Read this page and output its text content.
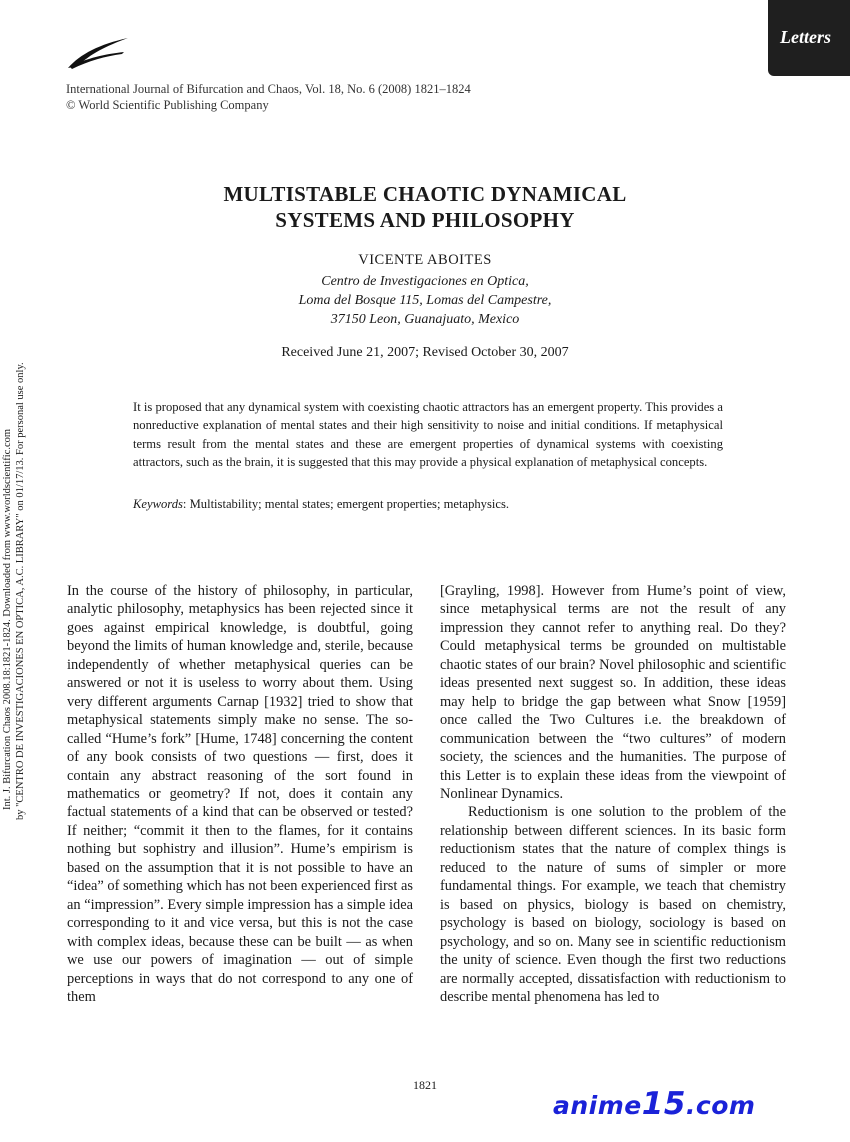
Letters
International Journal of Bifurcation and Chaos, Vol. 18, No. 6 (2008) 1821–1824
© World Scientific Publishing Company
MULTISTABLE CHAOTIC DYNAMICAL
SYSTEMS AND PHILOSOPHY
VICENTE ABOITES
Centro de Investigaciones en Optica,
Loma del Bosque 115, Lomas del Campestre,
37150 Leon, Guanajuato, Mexico
Received June 21, 2007; Revised October 30, 2007
It is proposed that any dynamical system with coexisting chaotic attractors has an emergent property. This provides a nonreductive explanation of mental states and their high sensitivity to noise and initial conditions. If metaphysical terms result from the mental states and these are emergent properties of dynamical systems with coexisting attractors, such as the brain, it is suggested that this may provide a physical explanation of metaphysical concepts.
Keywords: Multistability; mental states; emergent properties; metaphysics.
Int. J. Bifurcation Chaos 2008.18:1821-1824. Downloaded from www.worldscientific.com by "CENTRO DE INVESTIGACIONES EN OPTICA, A.C. LIBRARY" on 01/17/13. For personal use only.	In the course of the history of philosophy, in particular, analytic philosophy, metaphysics has been rejected since it goes against empirical knowledge, is doubtful, going beyond the limits of human knowledge and, sterile, because independently of whether metaphysical queries can be answered or not it is useless to worry about them. Using very different arguments Carnap [1932] tried to show that metaphysical statements simply make no sense. The so-called “Hume’s fork” [Hume, 1748] concerning the content of any book consists of two questions — first, does it contain any abstract reasoning of the sort found in mathematics or geometry? If not, does it contain any factual statements of a kind that can be observed or tested? If neither; “commit it then to the flames, for it contains nothing but sophistry and illusion”. Hume’s empirism is based on the assumption that it is not possible to have an “idea” of something which has not been experienced first as an “impression”. Every simple impression has a simple idea corresponding to it and vice versa, but this is not the case with complex ideas, because these can be built — as when we use our powers of imagination — out of simple perceptions in ways that do not correspond to any one of them

[Grayling, 1998]. However from Hume’s point of view, since metaphysical terms are not the result of any impression they cannot refer to anything real. Do they? Could metaphysical terms be grounded on multistable chaotic states of our brain? Novel philosophic and scientific ideas presented next suggest so. In addition, these ideas may help to bridge the gap between what Snow [1959] once called the Two Cultures i.e. the breakdown of communication between the “two cultures” of modern society, the sciences and the humanities. The purpose of this Letter is to explain these ideas from the viewpoint of Nonlinear Dynamics.

Reductionism is one solution to the problem of the relationship between different sciences. In its basic form reductionism states that the nature of complex things is reduced to the nature of sums of simpler or more fundamental things. For example, we teach that chemistry is based on physics, biology is based on chemistry, psychology is based on biology, sociology is based on psychology, and so on. Many see in scientific reductionism the unity of science. Even though the first two reductions are normally accepted, dissatisfaction with reductionism to describe mental phenomena has led to

1821
anime15.com
